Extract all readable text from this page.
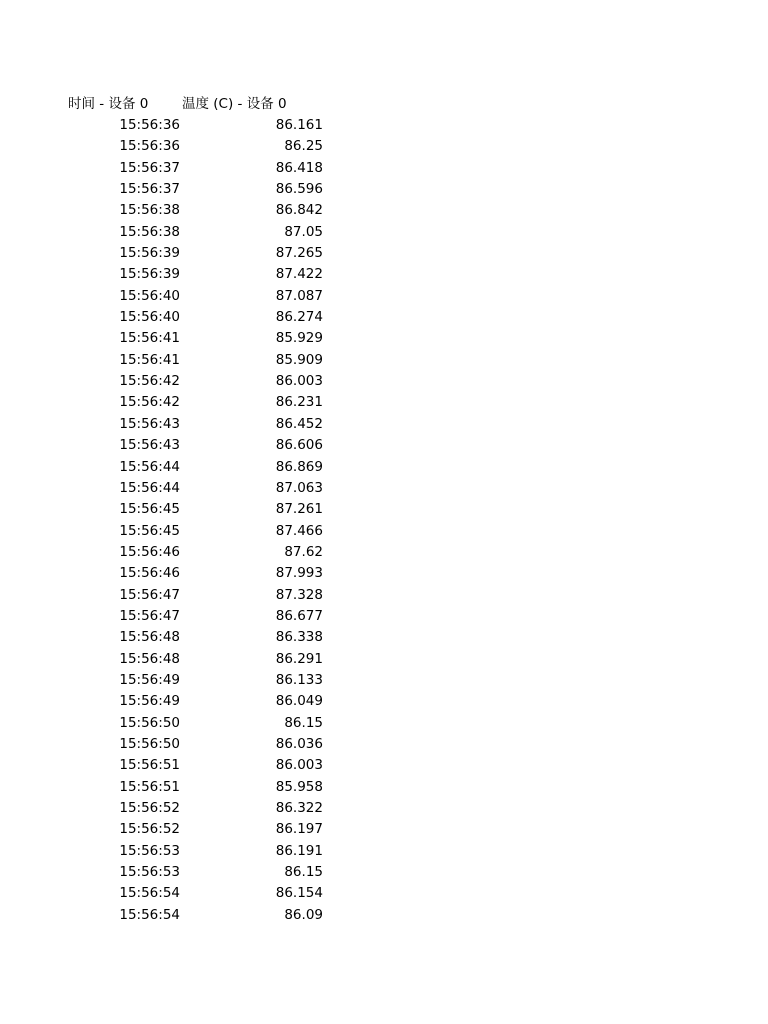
时间 - 设备 0 温度 (C) - 设备 0
15:56:36	86.161
15:56:36	86.25
15:56:37	86.418
15:56:37	86.596
15:56:38	86.842
15:56:38	87.05
15:56:39	87.265
15:56:39	87.422
15:56:40	87.087
15:56:40	86.274
15:56:41	85.929
15:56:41	85.909
15:56:42	86.003
15:56:42	86.231
15:56:43	86.452
15:56:43	86.606
15:56:44	86.869
15:56:44	87.063
15:56:45	87.261
15:56:45	87.466
15:56:46	87.62
15:56:46	87.993
15:56:47	87.328
15:56:47	86.677
15:56:48	86.338
15:56:48	86.291
15:56:49	86.133
15:56:49	86.049
15:56:50	86.15
15:56:50	86.036
15:56:51	86.003
15:56:51	85.958
15:56:52	86.322
15:56:52	86.197
15:56:53	86.191
15:56:53	86.15
15:56:54	86.154
15:56:54	86.09
